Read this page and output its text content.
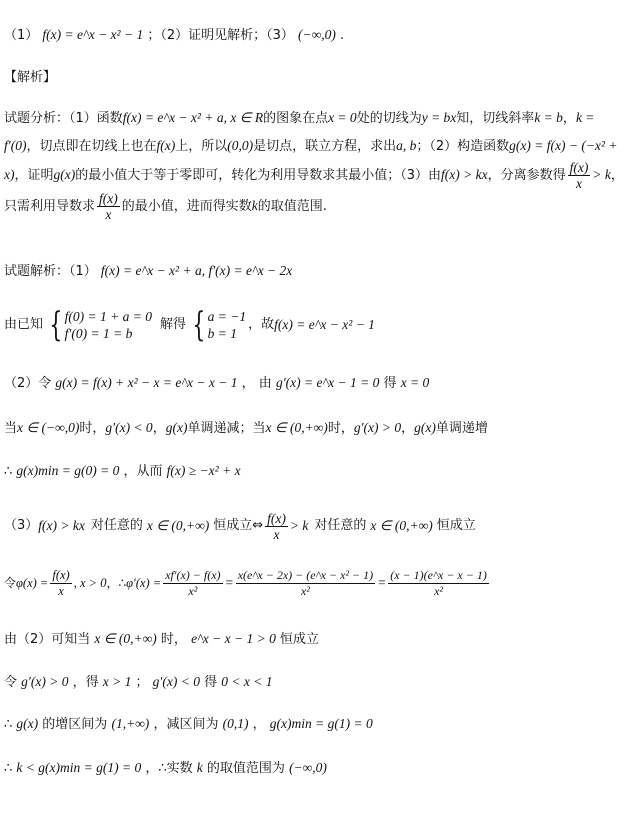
（1） f(x) = e^x − x² − 1 ；（2）证明见解析；（3） (−∞,0) .
【解析】
试题分析：（1）函数f(x) = e^x − x² + a, x ∈ R的图象在点x = 0处的切线为y = bx知，切线斜率k = b，k = f′(0)，切点即在切线上也在f(x)上，所以(0,0)是切点，联立方程，求出a, b；（2）构造函数g(x) = f(x) − (−x² + x)，证明g(x)的最小值大于等于零即可，转化为利用导数求其最小值；（3）由f(x) > kx，分离参数得 $\frac{f(x)}{x} > k$，只需利用导数求 $\frac{f(x)}{x}$ 的最小值，进而得实数k的取值范围.
试题解析：（1） f(x) = e^x − x² + a, f′(x) = e^x − 2x
由已知 { f(0) = 1 + a = 0
f′(0) = 1 = b
解得 { a = −1
b = 1
，故 f(x) = e^x − x² − 1
（2）令 g(x) = f(x) + x² − x = e^x − x − 1 ， 由 g′(x) = e^x − 1 = 0 得 x = 0
当x ∈ (−∞,0)时，g′(x) < 0，g(x)单调递减；当x ∈ (0,+∞)时，g′(x) > 0，g(x)单调递增
∴ g(x)min = g(0) = 0 ，从而 f(x) ≥ −x² + x
（3） f(x) > kx 对任意的 x ∈ (0,+∞) 恒成立⇔ $\frac{f(x)}{x} > k$ 对任意的 x ∈ (0,+∞) 恒成立
令 $\varphi(x) = \frac{f(x)}{x}$ , x > 0 ，∴ $\varphi'(x) = \frac{xf'(x) - f(x)}{\text{x²}} = \frac{\text{x(e\textasciicircum{}x − 2x) − (e\textasciicircum{}x − x² − 1)}}{\text{x²}} = \frac{(x - 1)(e\^{}x - x - 1)}{\text{x²}}$
由（2）可知当 x ∈ (0,+∞) 时， e^x − x − 1 > 0 恒成立
令 g′(x) > 0 ，得 x > 1 ； g′(x) < 0 得 0 < x < 1
∴ g(x) 的增区间为 (1,+∞) ，减区间为 (0,1) ， g(x)min = g(1) = 0
∴ k < g(x)min = g(1) = 0 ，∴实数 k 的取值范围为 (−∞,0)
